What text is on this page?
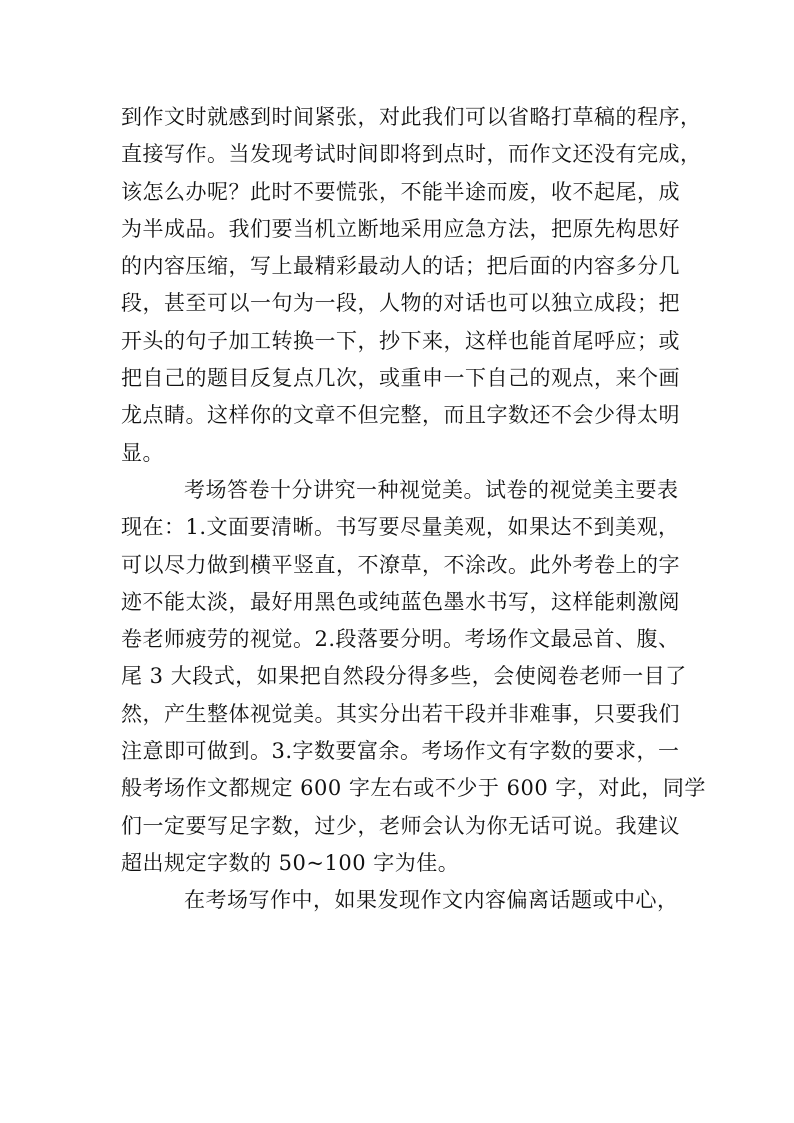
到作文时就感到时间紧张，对此我们可以省略打草稿的程序，
直接写作。当发现考试时间即将到点时，而作文还没有完成，
该怎么办呢？此时不要慌张，不能半途而废，收不起尾，成
为半成品。我们要当机立断地采用应急方法，把原先构思好
的内容压缩，写上最精彩最动人的话；把后面的内容多分几
段，甚至可以一句为一段，人物的对话也可以独立成段；把
开头的句子加工转换一下，抄下来，这样也能首尾呼应；或
把自己的题目反复点几次，或重申一下自己的观点，来个画
龙点睛。这样你的文章不但完整，而且字数还不会少得太明
显。
考场答卷十分讲究一种视觉美。试卷的视觉美主要表
现在：1.文面要清晰。书写要尽量美观，如果达不到美观，
可以尽力做到横平竖直，不潦草，不涂改。此外考卷上的字
迹不能太淡，最好用黑色或纯蓝色墨水书写，这样能刺激阅
卷老师疲劳的视觉。2.段落要分明。考场作文最忌首、腹、
尾 3 大段式，如果把自然段分得多些，会使阅卷老师一目了
然，产生整体视觉美。其实分出若干段并非难事，只要我们
注意即可做到。3.字数要富余。考场作文有字数的要求，一
般考场作文都规定 600 字左右或不少于 600 字，对此，同学
们一定要写足字数，过少，老师会认为你无话可说。我建议
超出规定字数的 50~100 字为佳。
在考场写作中，如果发现作文内容偏离话题或中心，
